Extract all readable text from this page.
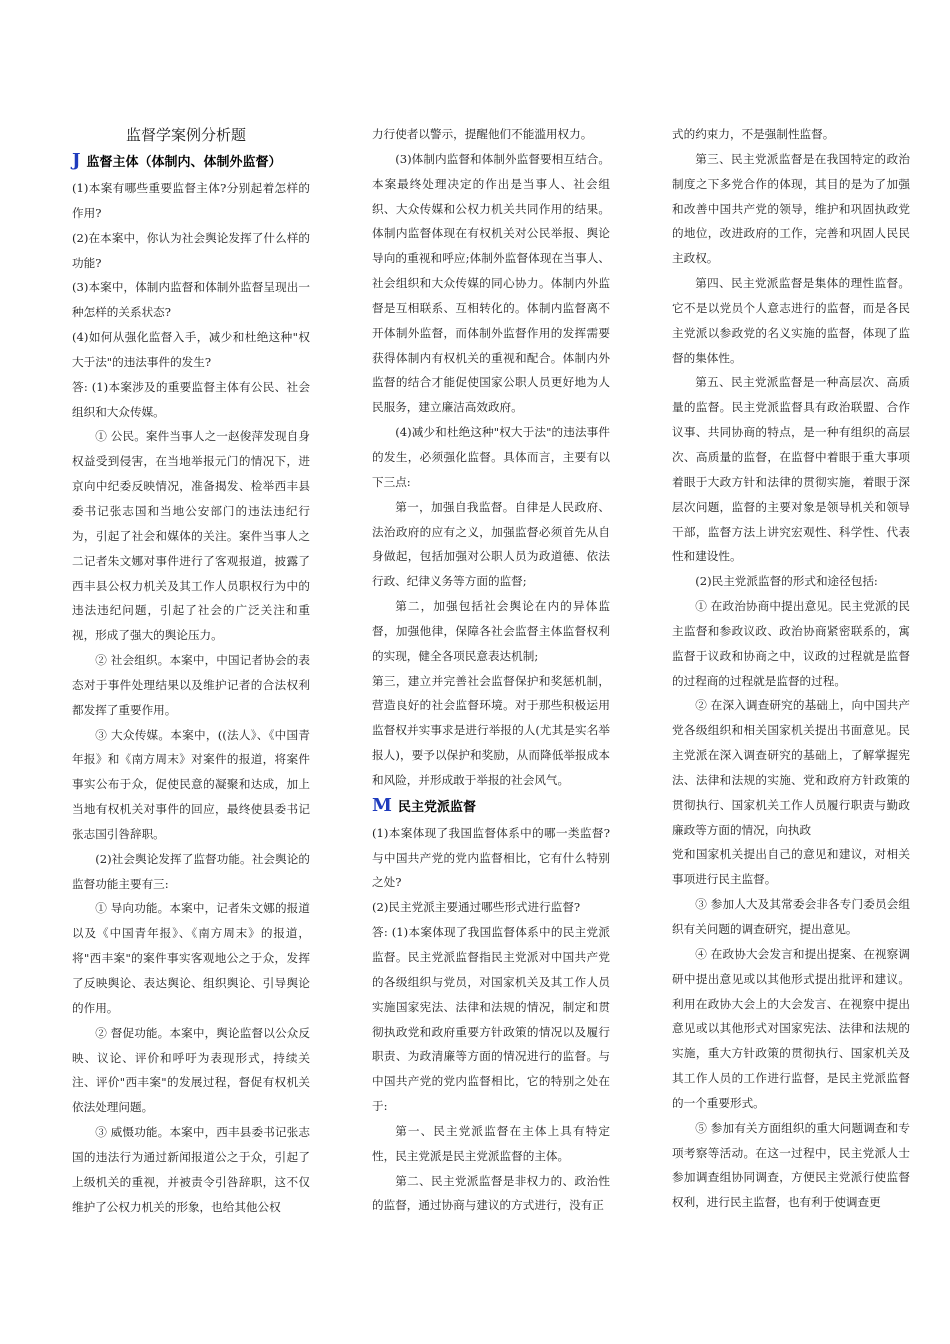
监督学案例分析题

J 监督主体（体制内、体制外监督）

(1)本案有哪些重要监督主体?分别起着怎样的作用?

(2)在本案中，你认为社会舆论发挥了什么样的功能?

(3)本案中，体制内监督和体制外监督呈现出一种怎样的关系状态?

(4)如何从强化监督入手，减少和杜绝这种"权大于法"的违法事件的发生?

答: (1)本案涉及的重要监督主体有公民、社会组织和大众传媒。

① 公民。案件当事人之一赵俊萍发现自身权益受到侵害，在当地举报元门的情况下，进京向中纪委反映情况，准备揭发、检举西丰县委书记张志国和当地公安部门的违法违纪行为，引起了社会和媒体的关注。案件当事人之二记者朱文娜对事件进行了客观报道，披露了西丰县公权力机关及其工作人员职权行为中的违法违纪问题，引起了社会的广泛关注和重视，形成了强大的舆论压力。

② 社会组织。本案中，中国记者协会的表态对于事件处理结果以及维护记者的合法权利都发挥了重要作用。

③ 大众传媒。本案中，((法人》、《中国青年报》和《南方周末》对案件的报道，将案件事实公布于众，促使民意的凝聚和达成，加上当地有权机关对事件的回应，最终使县委书记张志国引咎辞职。

(2)社会舆论发挥了监督功能。社会舆论的监督功能主要有三:

① 导向功能。本案中，记者朱文娜的报道以及《中国青年报》、《南方周末》的报道，将"西丰案"的案件事实客观地公之于众，发挥了反映舆论、表达舆论、组织舆论、引导舆论的作用。

② 督促功能。本案中，舆论监督以公众反映、议论、评价和呼吁为表现形式，持续关注、评价"西丰案"的发展过程，督促有权机关依法处理问题。

③ 威慑功能。本案中，西丰县委书记张志国的违法行为通过新闻报道公之于众，引起了上级机关的重视，并被责令引咎辞职，这不仅维护了公权力机关的形象，也给其他公权

力行使者以警示，提醒他们不能滥用权力。

(3)体制内监督和体制外监督要相互结合。本案最终处理决定的作出是当事人、社会组织、大众传媒和公权力机关共同作用的结果。体制内监督体现在有权机关对公民举报、舆论导向的重视和呼应;体制外监督体现在当事人、社会组织和大众传媒的同心协力。体制内外监督是互相联系、互相转化的。体制内监督离不开体制外监督，而体制外监督作用的发挥需要获得体制内有权机关的重视和配合。体制内外监督的结合才能促使国家公职人员更好地为人民服务，建立廉洁高效政府。

(4)减少和杜绝这种"权大于法"的违法事件的发生，必须强化监督。具体而言，主要有以下三点:

第一，加强自我监督。自律是人民政府、法治政府的应有之义，加强监督必须首先从自身做起，包括加强对公职人员为政道德、依法行政、纪律义务等方面的监督;

第二，加强包括社会舆论在内的异体监督，加强他律，保障各社会监督主体监督权利的实现，健全各项民意表达机制;

第三，建立并完善社会监督保护和奖惩机制，营造良好的社会监督环境。对于那些积极运用监督权并实事求是进行举报的人(尤其是实名举报人)，要予以保护和奖励，从而降低举报成本和风险，并形成敢于举报的社会风气。

M 民主党派监督

(1)本案体现了我国监督体系中的哪一类监督?与中国共产党的党内监督相比，它有什么特别之处?

(2)民主党派主要通过哪些形式进行监督?

答: (1)本案体现了我国监督体系中的民主党派监督。民主党派监督指民主党派对中国共产党的各级组织与党员，对国家机关及其工作人员实施国家宪法、法律和法规的情况，制定和贯彻执政党和政府重要方针政策的情况以及履行职责、为政清廉等方面的情况进行的监督。与中国共产党的党内监督相比，它的特别之处在于:

第一、民主党派监督在主体上具有特定性，民主党派是民主党派监督的主体。

第二、民主党派监督是非权力的、政治性的监督，通过协商与建议的方式进行，没有正

式的约束力，不是强制性监督。

第三、民主党派监督是在我国特定的政治制度之下多党合作的体现，其目的是为了加强和改善中国共产党的领导，维护和巩固执政党的地位，改进政府的工作，完善和巩固人民民主政权。

第四、民主党派监督是集体的理性监督。它不是以党员个人意志进行的监督，而是各民主党派以参政党的名义实施的监督，体现了监督的集体性。

第五、民主党派监督是一种高层次、高质量的监督。民主党派监督具有政治联盟、合作议事、共同协商的特点，是一种有组织的高层次、高质量的监督，在监督中着眼于重大事项着眼于大政方针和法律的贯彻实施，着眼于深层次问题，监督的主要对象是领导机关和领导干部，监督方法上讲究宏观性、科学性、代表性和建设性。

(2)民主党派监督的形式和途径包括:

① 在政治协商中提出意见。民主党派的民主监督和参政议政、政治协商紧密联系的，寓监督于议政和协商之中，议政的过程就是监督的过程商的过程就是监督的过程。

② 在深入调查研究的基础上，向中国共产党各级组织和相关国家机关提出书面意见。民主党派在深入调查研究的基础上，了解掌握宪法、法律和法规的实施、党和政府方针政策的贯彻执行、国家机关工作人员履行职责与勤政廉政等方面的情况，向执政

党和国家机关提出自己的意见和建议，对相关事项进行民主监督。

③ 参加人大及其常委会非各专门委员会组织有关问题的调查研究，提出意见。

④ 在政协大会发言和提出提案、在视察调研中提出意见或以其他形式提出批评和建议。利用在政协大会上的大会发言、在视察中提出意见或以其他形式对国家宪法、法律和法规的实施，重大方针政策的贯彻执行、国家机关及其工作人员的工作进行监督，是民主党派监督的一个重要形式。

⑤ 参加有关方面组织的重大问题调查和专项考察等活动。在这一过程中，民主党派人士参加调查组协同调查，方便民主党派行使监督权利，进行民主监督，也有利于使调查更
